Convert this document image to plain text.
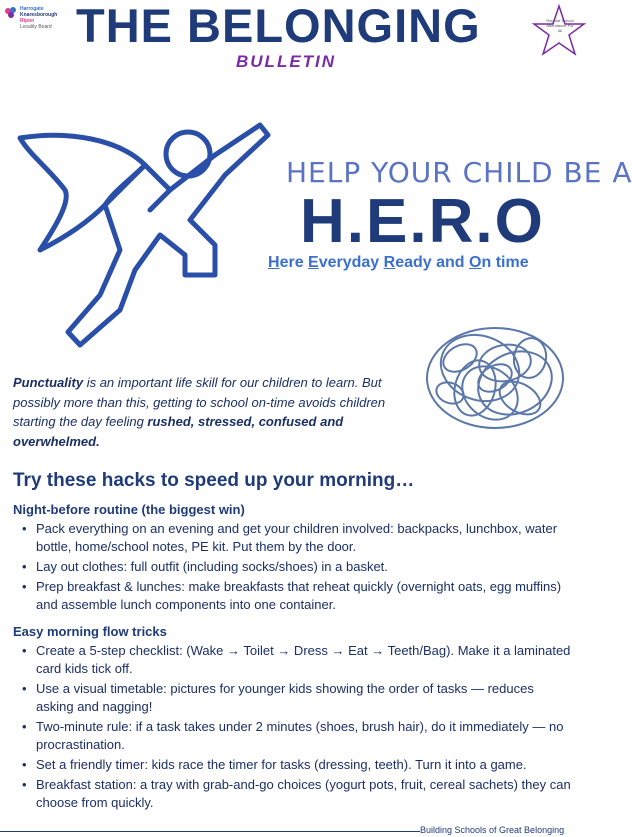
Harrogate
Knaresborough
Ripon
Locality Board THE BELONGING
BULLETIN
Regular School Attendance For All
HELP YOUR CHILD BE A
H.E.R.O
Here Everyday Ready and On time
Punctuality is an important life skill for our children to learn. But possibly more than this, getting to school on-time avoids children starting the day feeling rushed, stressed, confused and overwhelmed.
Try these hacks to speed up your morning…
Night-before routine (the biggest win)
• Pack everything on an evening and get your children involved: backpacks, lunchbox, water bottle, home/school notes, PE kit. Put them by the door.
• Lay out clothes: full outfit (including socks/shoes) in a basket.
• Prep breakfast & lunches: make breakfasts that reheat quickly (overnight oats, egg muffins) and assemble lunch components into one container.
Easy morning flow tricks
• Create a 5-step checklist: (Wake → Toilet → Dress → Eat → Teeth/Bag). Make it a laminated card kids tick off.
• Use a visual timetable: pictures for younger kids showing the order of tasks — reduces asking and nagging!
• Two-minute rule: if a task takes under 2 minutes (shoes, brush hair), do it immediately — no procrastination.
• Set a friendly timer: kids race the timer for tasks (dressing, teeth). Turn it into a game.
• Breakfast station: a tray with grab-and-go choices (yogurt pots, fruit, cereal sachets) they can choose from quickly.
Building Schools of Great Belonging
